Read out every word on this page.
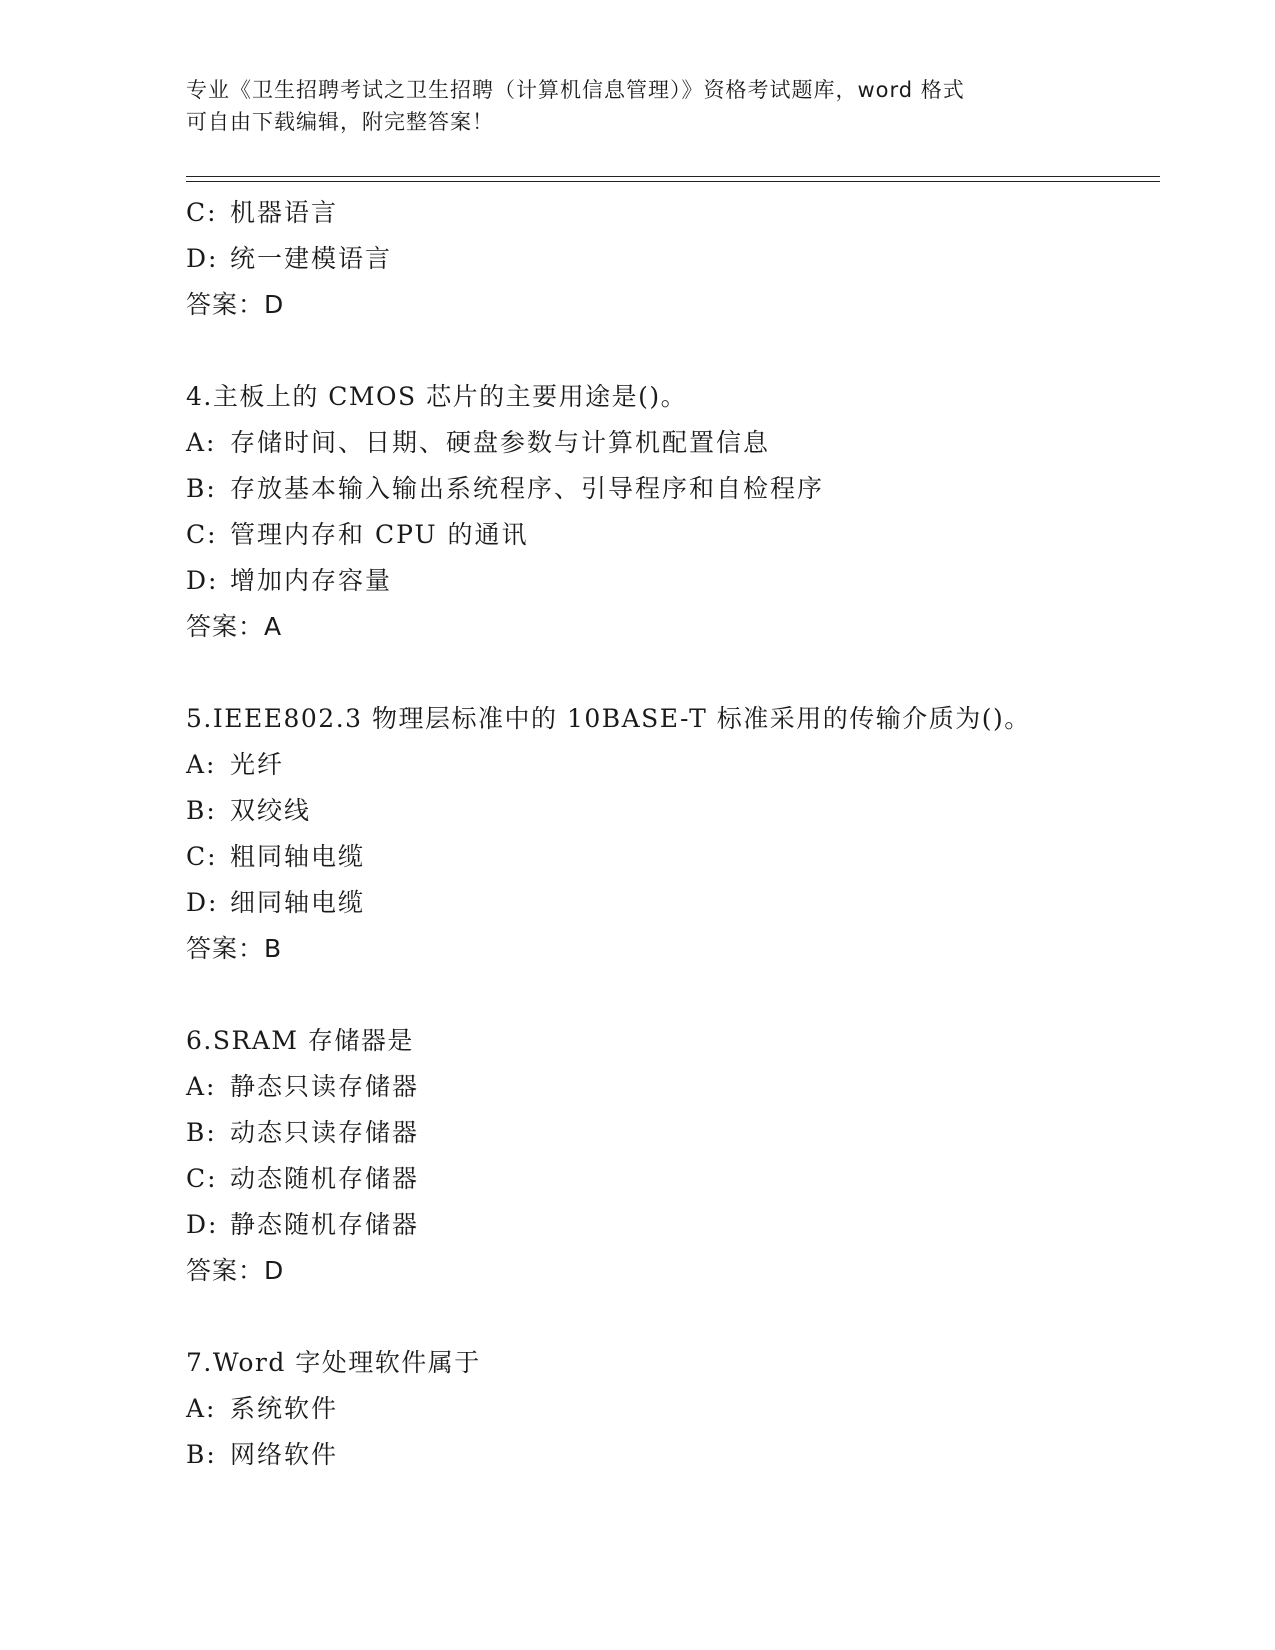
专业《卫生招聘考试之卫生招聘（计算机信息管理）》资格考试题库，word 格式
可自由下载编辑，附完整答案！
C: 机器语言
D: 统一建模语言
答案：D
4.主板上的 CMOS 芯片的主要用途是()。
A: 存储时间、日期、硬盘参数与计算机配置信息
B: 存放基本输入输出系统程序、引导程序和自检程序
C: 管理内存和 CPU 的通讯
D: 增加内存容量
答案：A
5.IEEE802.3 物理层标准中的 10BASE-T 标准采用的传输介质为()。
A: 光纤
B: 双绞线
C: 粗同轴电缆
D: 细同轴电缆
答案：B
6.SRAM 存储器是
A: 静态只读存储器
B: 动态只读存储器
C: 动态随机存储器
D: 静态随机存储器
答案：D
7.Word 字处理软件属于
A: 系统软件
B: 网络软件
